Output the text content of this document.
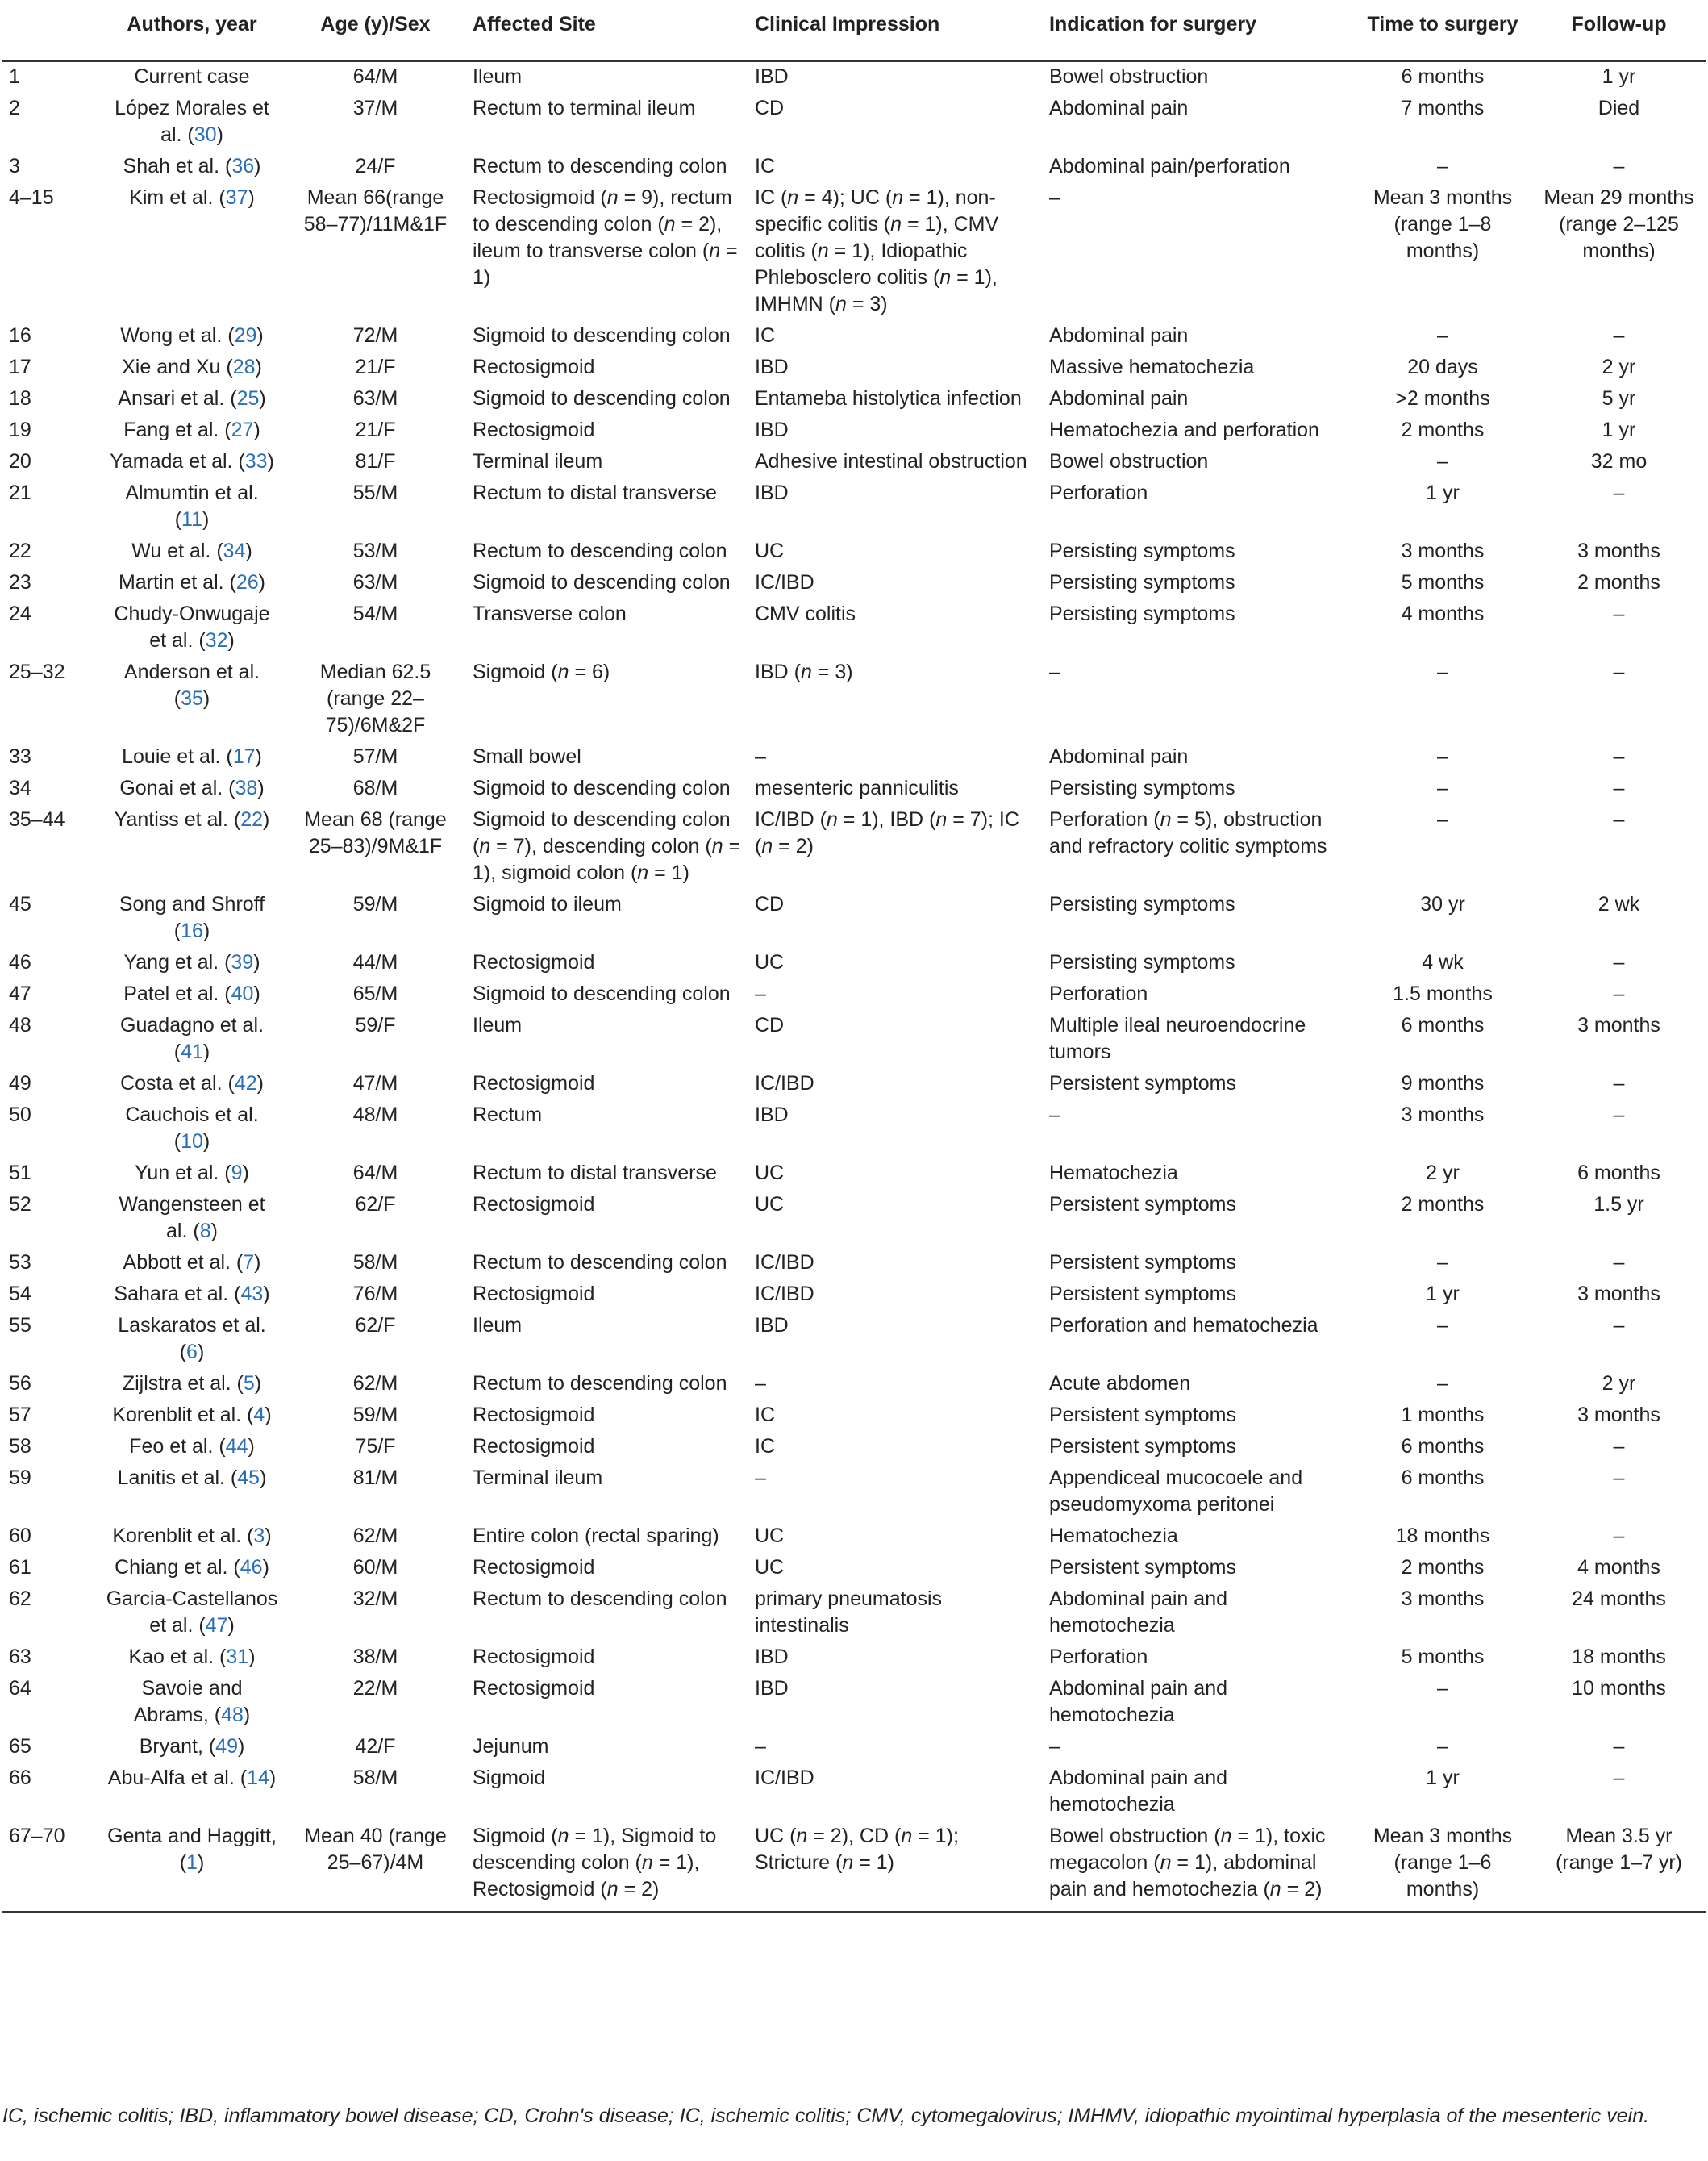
	Authors, year	Age (y)/Sex	Affected Site	Clinical Impression	Indication for surgery	Time to surgery	Follow-up
1	Current case	64/M	Ileum	IBD	Bowel obstruction	6 months	1 yr
2	López Morales et al. (30)	37/M	Rectum to terminal ileum	CD	Abdominal pain	7 months	Died
3	Shah et al. (36)	24/F	Rectum to descending colon	IC	Abdominal pain/perforation	–	–
4–15	Kim et al. (37)	Mean 66(range 58–77)/11M&1F	Rectosigmoid (n = 9), rectum to descending colon (n = 2), ileum to transverse colon (n = 1)	IC (n = 4); UC (n = 1), non-specific colitis (n = 1), CMV colitis (n = 1), Idiopathic Phlebosclero colitis (n = 1), IMHMN (n = 3)	–	Mean 3 months (range 1–8 months)	Mean 29 months (range 2–125 months)
16	Wong et al. (29)	72/M	Sigmoid to descending colon	IC	Abdominal pain	–	–
17	Xie and Xu (28)	21/F	Rectosigmoid	IBD	Massive hematochezia	20 days	2 yr
18	Ansari et al. (25)	63/M	Sigmoid to descending colon	Entameba histolytica infection	Abdominal pain	>2 months	5 yr
19	Fang et al. (27)	21/F	Rectosigmoid	IBD	Hematochezia and perforation	2 months	1 yr
20	Yamada et al. (33)	81/F	Terminal ileum	Adhesive intestinal obstruction	Bowel obstruction	–	32 mo
21	Almumtin et al. (11)	55/M	Rectum to distal transverse	IBD	Perforation	1 yr	–
22	Wu et al. (34)	53/M	Rectum to descending colon	UC	Persisting symptoms	3 months	3 months
23	Martin et al. (26)	63/M	Sigmoid to descending colon	IC/IBD	Persisting symptoms	5 months	2 months
24	Chudy-Onwugaje et al. (32)	54/M	Transverse colon	CMV colitis	Persisting symptoms	4 months	–
25–32	Anderson et al. (35)	Median 62.5 (range 22–75)/6M&2F	Sigmoid (n = 6)	IBD (n = 3)	–	–	–
33	Louie et al. (17)	57/M	Small bowel	–	Abdominal pain	–	–
34	Gonai et al. (38)	68/M	Sigmoid to descending colon	mesenteric panniculitis	Persisting symptoms	–	–
35–44	Yantiss et al. (22)	Mean 68 (range 25–83)/9M&1F	Sigmoid to descending colon (n = 7), descending colon (n = 1), sigmoid colon (n = 1)	IC/IBD (n = 1), IBD (n = 7); IC (n = 2)	Perforation (n = 5), obstruction and refractory colitic symptoms	–	–
45	Song and Shroff (16)	59/M	Sigmoid to ileum	CD	Persisting symptoms	30 yr	2 wk
46	Yang et al. (39)	44/M	Rectosigmoid	UC	Persisting symptoms	4 wk	–
47	Patel et al. (40)	65/M	Sigmoid to descending colon	–	Perforation	1.5 months	–
48	Guadagno et al. (41)	59/F	Ileum	CD	Multiple ileal neuroendocrine tumors	6 months	3 months
49	Costa et al. (42)	47/M	Rectosigmoid	IC/IBD	Persistent symptoms	9 months	–
50	Cauchois et al. (10)	48/M	Rectum	IBD	–	3 months	–
51	Yun et al. (9)	64/M	Rectum to distal transverse	UC	Hematochezia	2 yr	6 months
52	Wangensteen et al. (8)	62/F	Rectosigmoid	UC	Persistent symptoms	2 months	1.5 yr
53	Abbott et al. (7)	58/M	Rectum to descending colon	IC/IBD	Persistent symptoms	–	–
54	Sahara et al. (43)	76/M	Rectosigmoid	IC/IBD	Persistent symptoms	1 yr	3 months
55	Laskaratos et al. (6)	62/F	Ileum	IBD	Perforation and hematochezia	–	–
56	Zijlstra et al. (5)	62/M	Rectum to descending colon	–	Acute abdomen	–	2 yr
57	Korenblit et al. (4)	59/M	Rectosigmoid	IC	Persistent symptoms	1 months	3 months
58	Feo et al. (44)	75/F	Rectosigmoid	IC	Persistent symptoms	6 months	–
59	Lanitis et al. (45)	81/M	Terminal ileum	–	Appendiceal mucocoele and pseudomyxoma peritonei	6 months	–
60	Korenblit et al. (3)	62/M	Entire colon (rectal sparing)	UC	Hematochezia	18 months	–
61	Chiang et al. (46)	60/M	Rectosigmoid	UC	Persistent symptoms	2 months	4 months
62	Garcia-Castellanos et al. (47)	32/M	Rectum to descending colon	primary pneumatosis intestinalis	Abdominal pain and hemotochezia	3 months	24 months
63	Kao et al. (31)	38/M	Rectosigmoid	IBD	Perforation	5 months	18 months
64	Savoie and Abrams, (48)	22/M	Rectosigmoid	IBD	Abdominal pain and hemotochezia	–	10 months
65	Bryant, (49)	42/F	Jejunum	–	–	–	–
66	Abu-Alfa et al. (14)	58/M	Sigmoid	IC/IBD	Abdominal pain and hemotochezia	1 yr	–
67–70	Genta and Haggitt, (1)	Mean 40 (range 25–67)/4M	Sigmoid (n = 1), Sigmoid to descending colon (n = 1), Rectosigmoid (n = 2)	UC (n = 2), CD (n = 1); Stricture (n = 1)	Bowel obstruction (n = 1), toxic megacolon (n = 1), abdominal pain and hemotochezia (n = 2)	Mean 3 months (range 1–6 months)	Mean 3.5 yr (range 1–7 yr)
IC, ischemic colitis; IBD, inflammatory bowel disease; CD, Crohn's disease; IC, ischemic colitis; CMV, cytomegalovirus; IMHMV, idiopathic myointimal hyperplasia of the mesenteric vein.
